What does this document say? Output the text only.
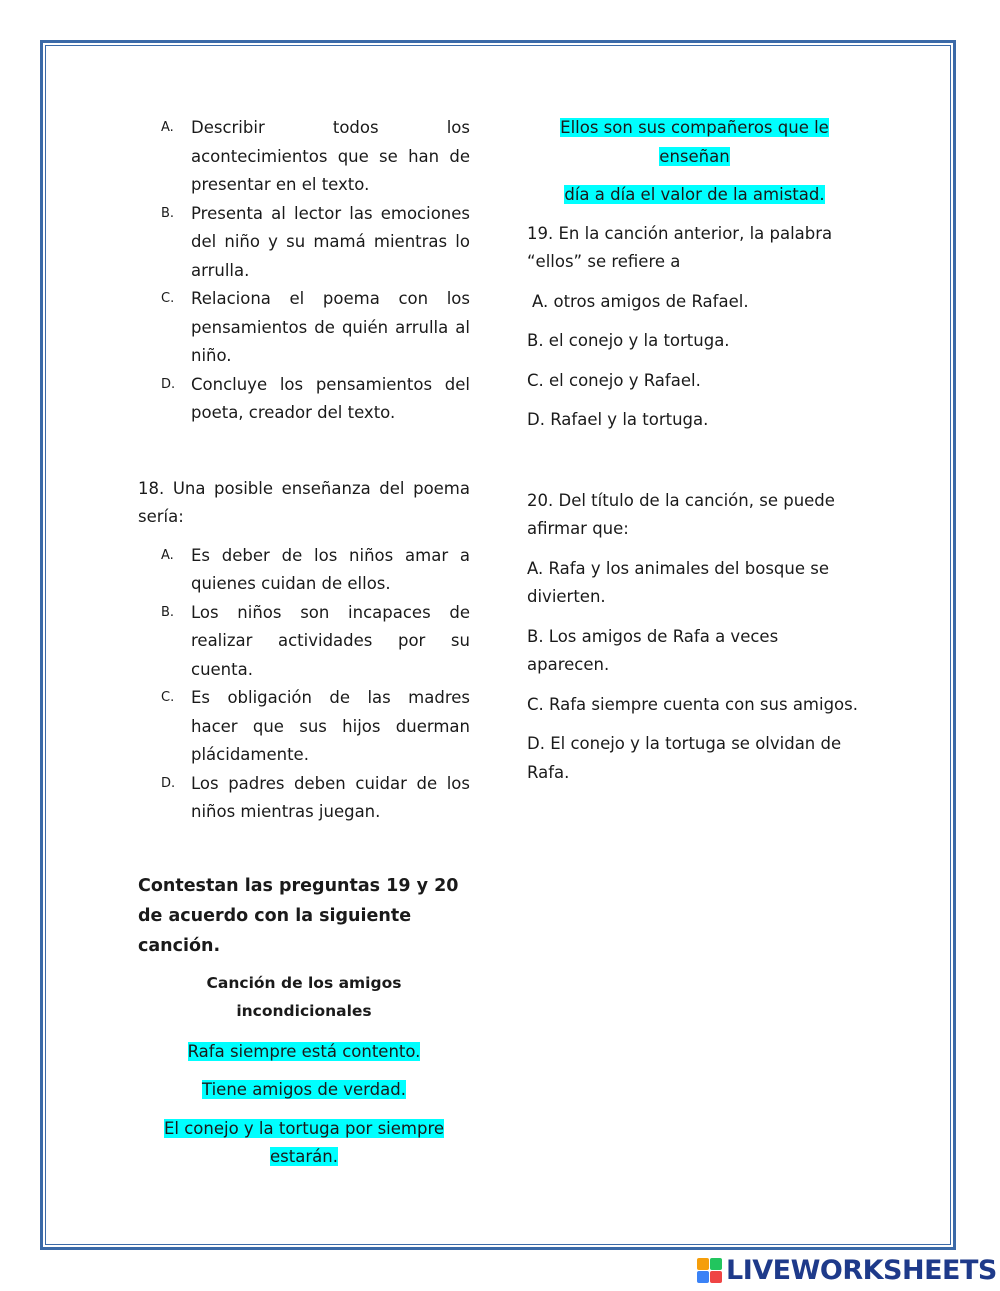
A.	Describir todos los acontecimientos que se han de presentar en el texto.
B.	Presenta al lector las emociones del niño y su mamá mientras lo arrulla.
C.	Relaciona el poema con los pensamientos de quién arrulla al niño.
D. Concluye los pensamientos del poeta, creador del texto.

18. Una posible enseñanza del poema sería:

A.	Es deber de los niños amar a quienes cuidan de ellos.
B.	Los niños son incapaces de realizar actividades por su cuenta.
C.	Es obligación de las madres hacer que sus hijos duerman plácidamente.
D. Los padres deben cuidar de los niños mientras juegan.

Contestan las preguntas 19 y 20 de acuerdo con la siguiente canción.

Canción de los amigos incondicionales

Rafa siempre está contento.

Tiene amigos de verdad.

El conejo y la tortuga por siempre estarán.

Ellos son sus compañeros que le enseñan

día a día el valor de la amistad.

19. En la canción anterior, la palabra “ellos” se refiere a

A. otros amigos de Rafael.

B. el conejo y la tortuga.

C. el conejo y Rafael.

D. Rafael y la tortuga.

20. Del título de la canción, se puede afirmar que:

A. Rafa y los animales del bosque se divierten.

B. Los amigos de Rafa a veces aparecen.

C. Rafa siempre cuenta con sus amigos.

D. El conejo y la tortuga se olvidan de Rafa.

LIVEWORKSHEETS
